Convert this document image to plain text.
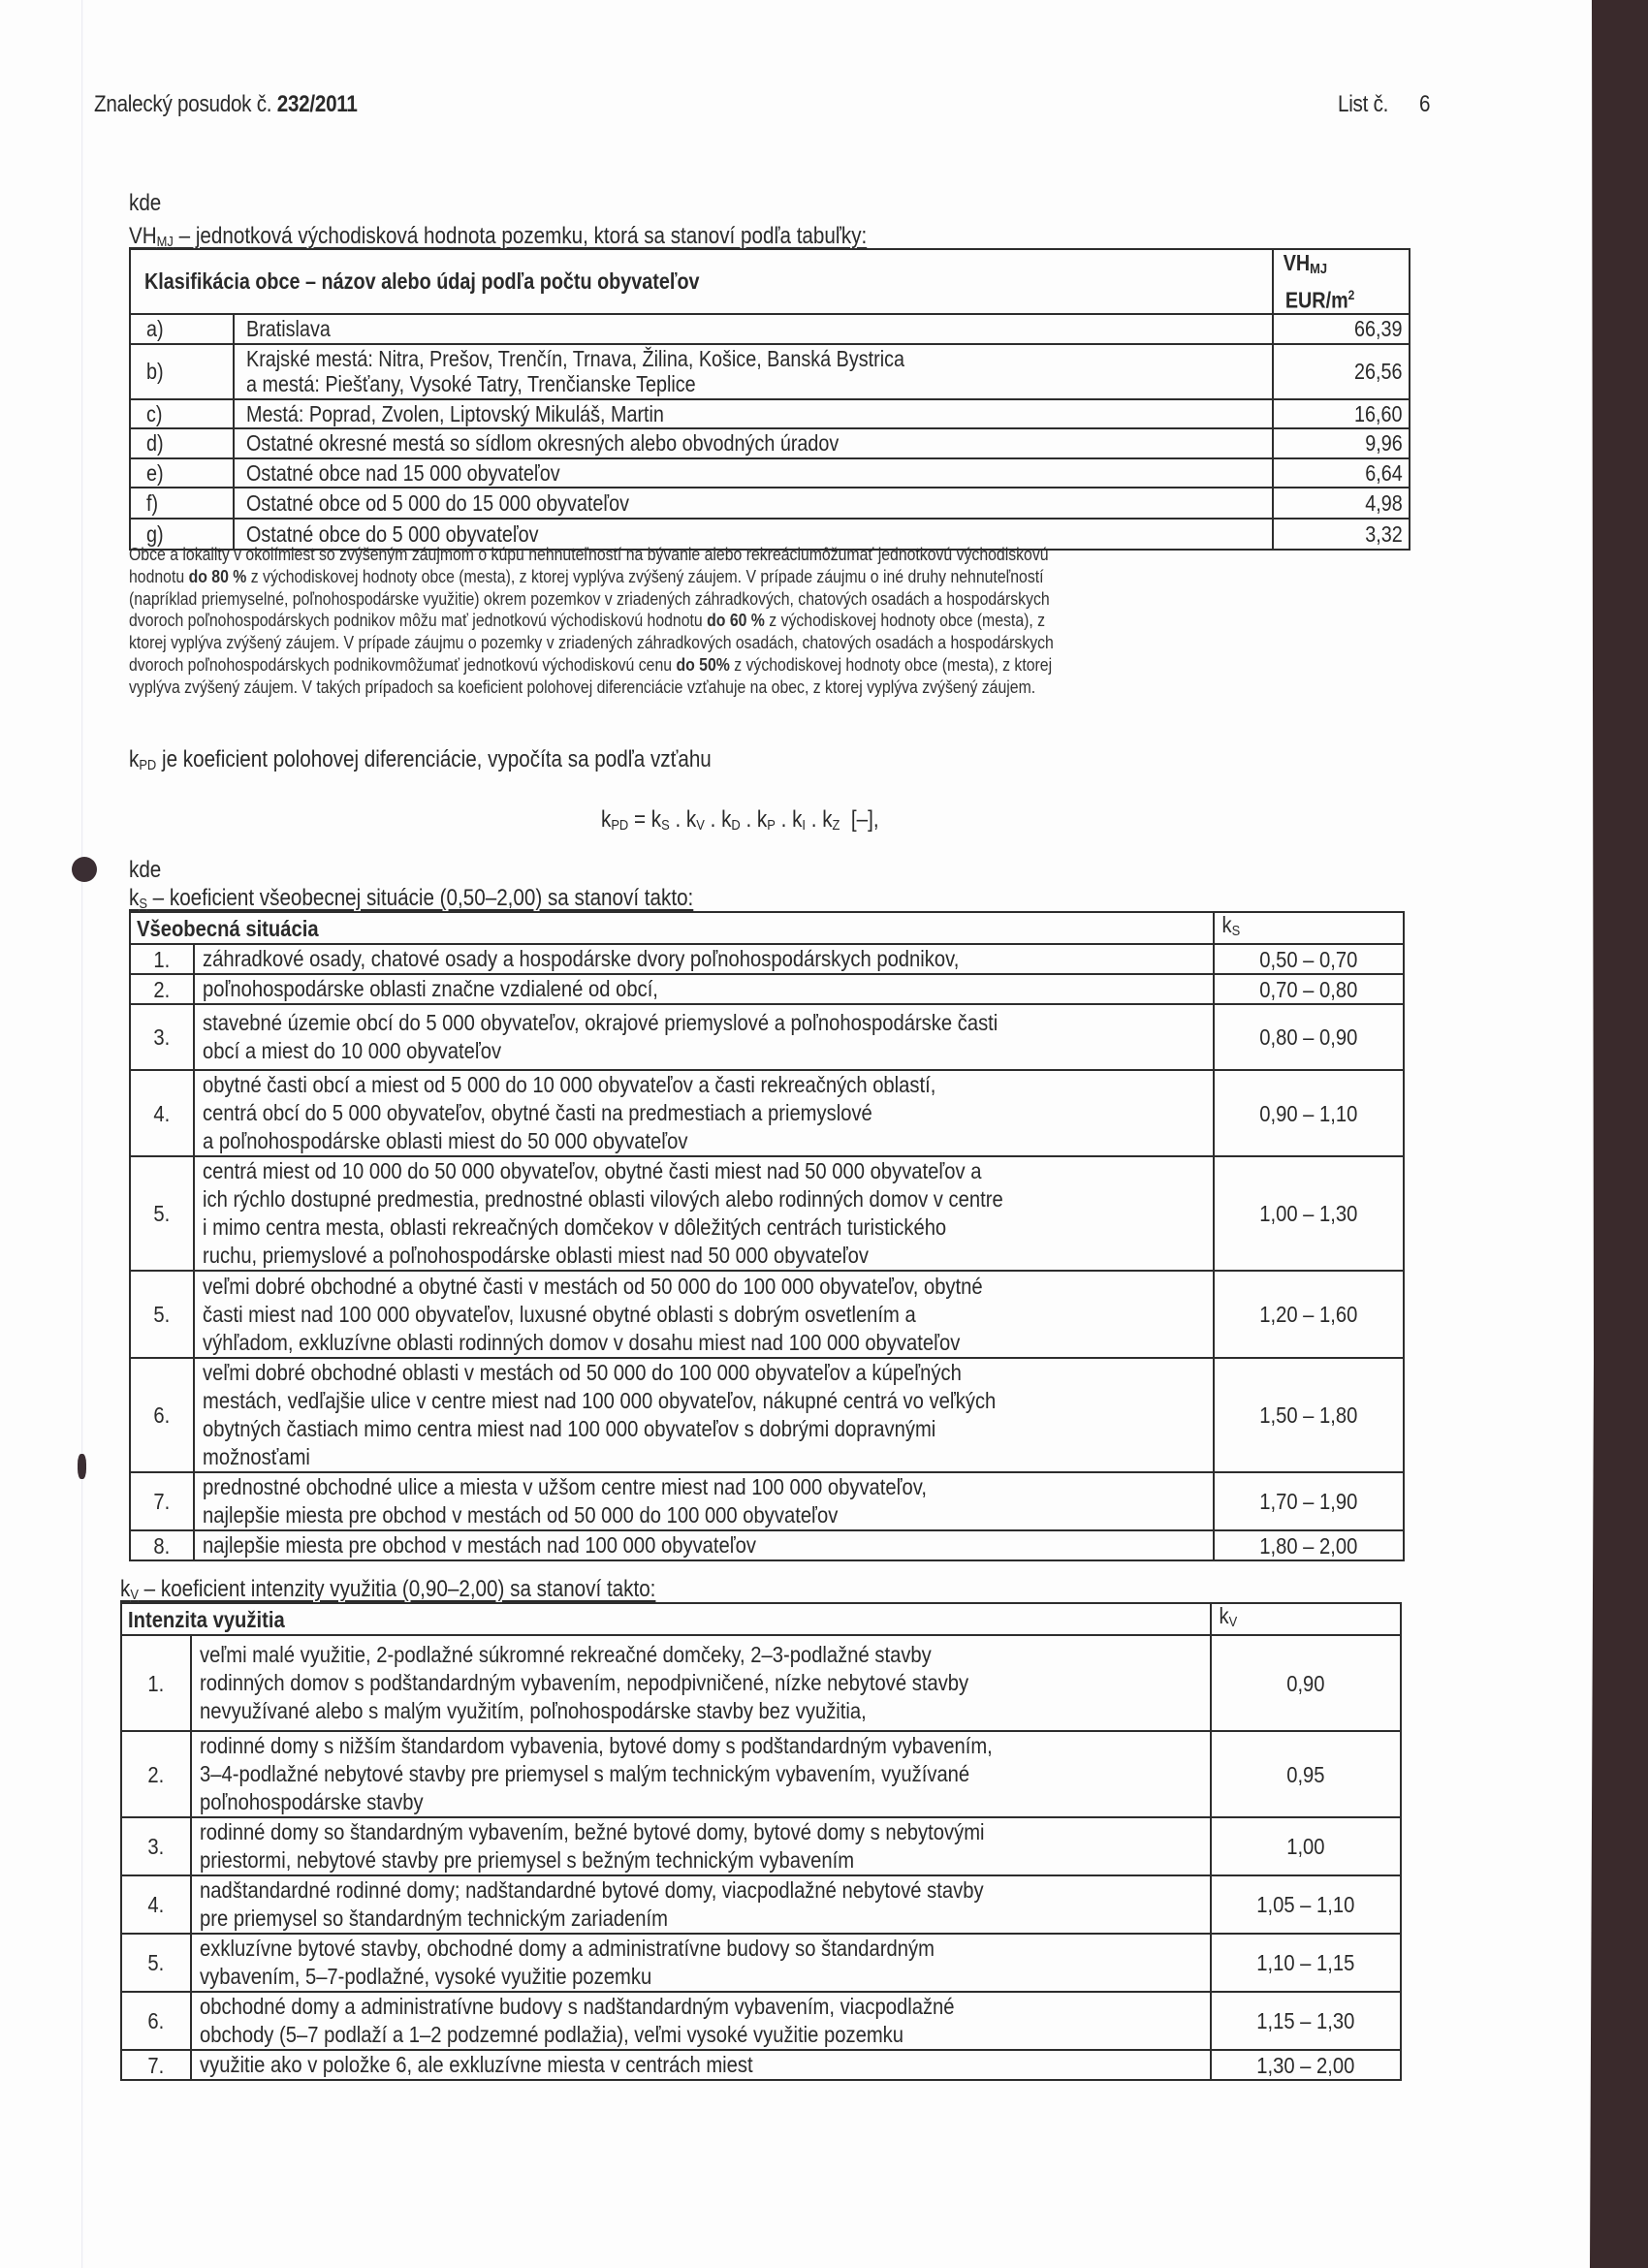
Znalecký posudok č. 232/2011	List č. 6
kde
$VH_{MJ}$ – jednotková východisková hodnota pozemku, ktorá sa stanoví podľa tabuľky:
Klasifikácia obce – názov alebo údaj podľa počtu obyvateľov		$VH_{MJ}$
EUR/$m^2$
a)	Bratislava	66,39
b)	Krajské mestá: Nitra, Prešov, Trenčín, Trnava, Žilina, Košice, Banská Bystrica
a mestá: Piešťany, Vysoké Tatry, Trenčianske Teplice	26,56
c)	Mestá: Poprad, Zvolen, Liptovský Mikuláš, Martin	16,60
d)	Ostatné okresné mestá so sídlom okresných alebo obvodných úradov	9,96
e)	Ostatné obce nad 15 000 obyvateľov	6,64
f)	Ostatné obce od 5 000 do 15 000 obyvateľov	4,98
g)	Ostatné obce do 5 000 obyvateľov	3,32
Obce a lokality v okolímiest so zvýšeným záujmom o kúpu nehnuteľností na bývanie alebo rekreáciumôžumať jednotkovú východiskovú
hodnotu do 80 % z východiskovej hodnoty obce (mesta), z ktorej vyplýva zvýšený záujem. V prípade záujmu o iné druhy nehnuteľností
(napríklad priemyselné, poľnohospodárske využitie) okrem pozemkov v zriadených záhradkových, chatových osadách a hospodárskych
dvoroch poľnohospodárskych podnikov môžu mať jednotkovú východiskovú hodnotu do 60 % z východiskovej hodnoty obce (mesta), z
ktorej vyplýva zvýšený záujem. V prípade záujmu o pozemky v zriadených záhradkových osadách, chatových osadách a hospodárskych
dvoroch poľnohospodárskych podnikovmôžumať jednotkovú východiskovú cenu do 50% z východiskovej hodnoty obce (mesta), z ktorej
vyplýva zvýšený záujem. V takých prípadoch sa koeficient polohovej diferenciácie vzťahuje na obec, z ktorej vyplýva zvýšený záujem.
$k_{PD}$ je koeficient polohovej diferenciácie, vypočíta sa podľa vzťahu
$k_{PD} = k_S$ . $k_V$ . $k_D$ . $k_P$ . $k_I$ . $k_Z$ [–],
kde
$k_S$ – koeficient všeobecnej situácie (0,50–2,00) sa stanoví takto:
Všeobecná situácia		$k_S$
1.	záhradkové osady, chatové osady a hospodárske dvory poľnohospodárskych podnikov,	0,50 – 0,70
2.	poľnohospodárske oblasti značne vzdialené od obcí,	0,70 – 0,80
3.	stavebné územie obcí do 5 000 obyvateľov, okrajové priemyslové a poľnohospodárske časti
obcí a miest do 10 000 obyvateľov	0,80 – 0,90
4.	obytné časti obcí a miest od 5 000 do 10 000 obyvateľov a časti rekreačných oblastí,
centrá obcí do 5 000 obyvateľov, obytné časti na predmestiach a priemyslové
a poľnohospodárske oblasti miest do 50 000 obyvateľov	0,90 – 1,10
5.	centrá miest od 10 000 do 50 000 obyvateľov, obytné časti miest nad 50 000 obyvateľov a
ich rýchlo dostupné predmestia, prednostné oblasti vilových alebo rodinných domov v centre
i mimo centra mesta, oblasti rekreačných domčekov v dôležitých centrách turistického
ruchu, priemyslové a poľnohospodárske oblasti miest nad 50 000 obyvateľov	1,00 – 1,30
5.	veľmi dobré obchodné a obytné časti v mestách od 50 000 do 100 000 obyvateľov, obytné
časti miest nad 100 000 obyvateľov, luxusné obytné oblasti s dobrým osvetlením a
výhľadom, exkluzívne oblasti rodinných domov v dosahu miest nad 100 000 obyvateľov	1,20 – 1,60
6.	veľmi dobré obchodné oblasti v mestách od 50 000 do 100 000 obyvateľov a kúpeľných
mestách, vedľajšie ulice v centre miest nad 100 000 obyvateľov, nákupné centrá vo veľkých
obytných častiach mimo centra miest nad 100 000 obyvateľov s dobrými dopravnými
možnosťami	1,50 – 1,80
7.	prednostné obchodné ulice a miesta v užšom centre miest nad 100 000 obyvateľov,
najlepšie miesta pre obchod v mestách od 50 000 do 100 000 obyvateľov	1,70 – 1,90
8.	najlepšie miesta pre obchod v mestách nad 100 000 obyvateľov	1,80 – 2,00
$k_V$ – koeficient intenzity využitia (0,90–2,00) sa stanoví takto:
Intenzita využitia		$k_V$
1.	veľmi malé využitie, 2-podlažné súkromné rekreačné domčeky, 2–3-podlažné stavby
rodinných domov s podštandardným vybavením, nepodpivničené, nízke nebytové stavby
nevyužívané alebo s malým využitím, poľnohospodárske stavby bez využitia,	0,90
2.	rodinné domy s nižším štandardom vybavenia, bytové domy s podštandardným vybavením,
3–4-podlažné nebytové stavby pre priemysel s malým technickým vybavením, využívané
poľnohospodárske stavby	0,95
3.	rodinné domy so štandardným vybavením, bežné bytové domy, bytové domy s nebytovými
priestormi, nebytové stavby pre priemysel s bežným technickým vybavením	1,00
4.	nadštandardné rodinné domy; nadštandardné bytové domy, viacpodlažné nebytové stavby
pre priemysel so štandardným technickým zariadením	1,05 – 1,10
5.	exkluzívne bytové stavby, obchodné domy a administratívne budovy so štandardným
vybavením, 5–7-podlažné, vysoké využitie pozemku	1,10 – 1,15
6.	obchodné domy a administratívne budovy s nadštandardným vybavením, viacpodlažné
obchody (5–7 podlaží a 1–2 podzemné podlažia), veľmi vysoké využitie pozemku	1,15 – 1,30
7.	využitie ako v položke 6, ale exkluzívne miesta v centrách miest	1,30 – 2,00
